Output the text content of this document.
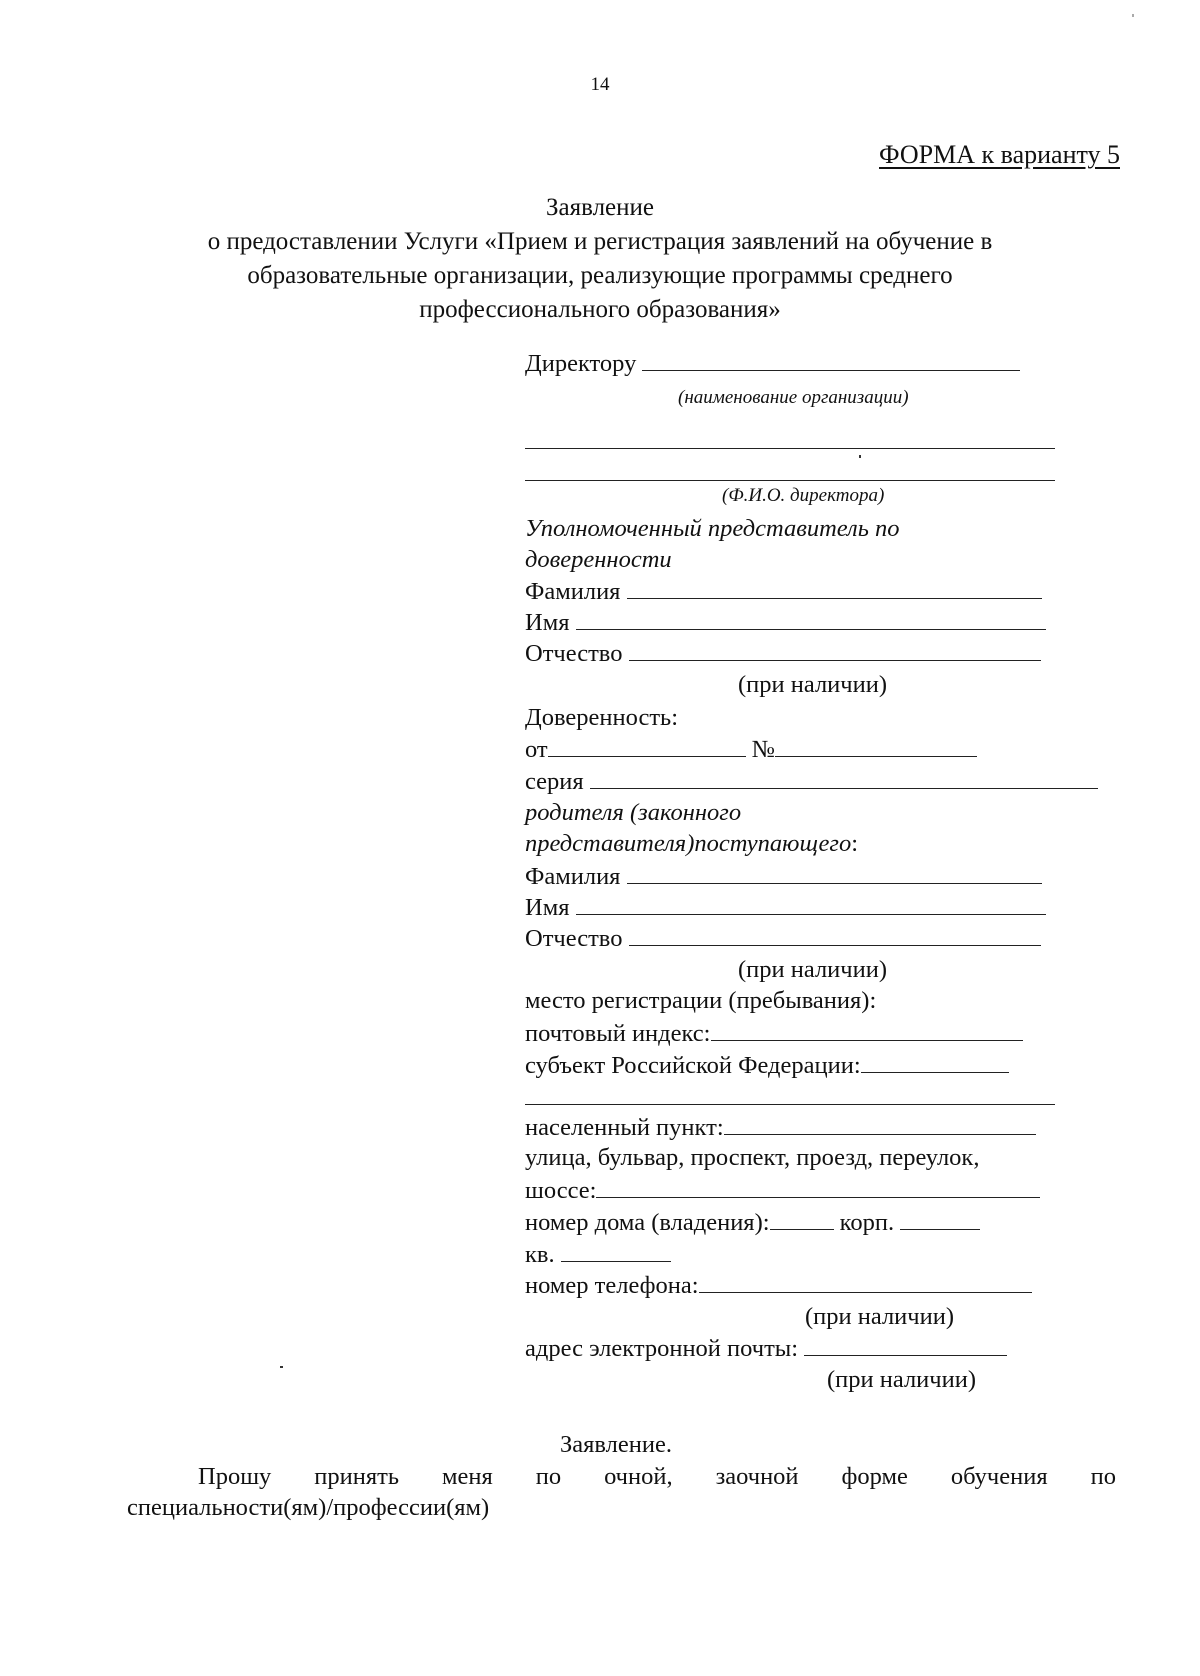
14
ФОРМА к варианту 5
Заявление
о предоставлении Услуги «Прием и регистрация заявлений на обучение в
образовательные организации, реализующие программы среднего
профессионального образования»
Директору
(наименование организации)
(Ф.И.О. директора)
Уполномоченный представитель по
доверенности
Фамилия
Имя
Отчество
(при наличии)
Доверенность:
от	№
серия
родителя (законного
представителя)поступающего:
Фамилия
Имя
Отчество
(при наличии)
место регистрации (пребывания):
почтовый индекс:
субъект Российской Федерации:
населенный пункт:
улица, бульвар, проспект, проезд, переулок,
шоссе:
номер дома (владения):	корп.
кв.
номер телефона:
(при наличии)
адрес электронной почты:
(при наличии)
Заявление.
Прошу принять меня по очной, заочной форме обучения по
специальности(ям)/профессии(ям)
